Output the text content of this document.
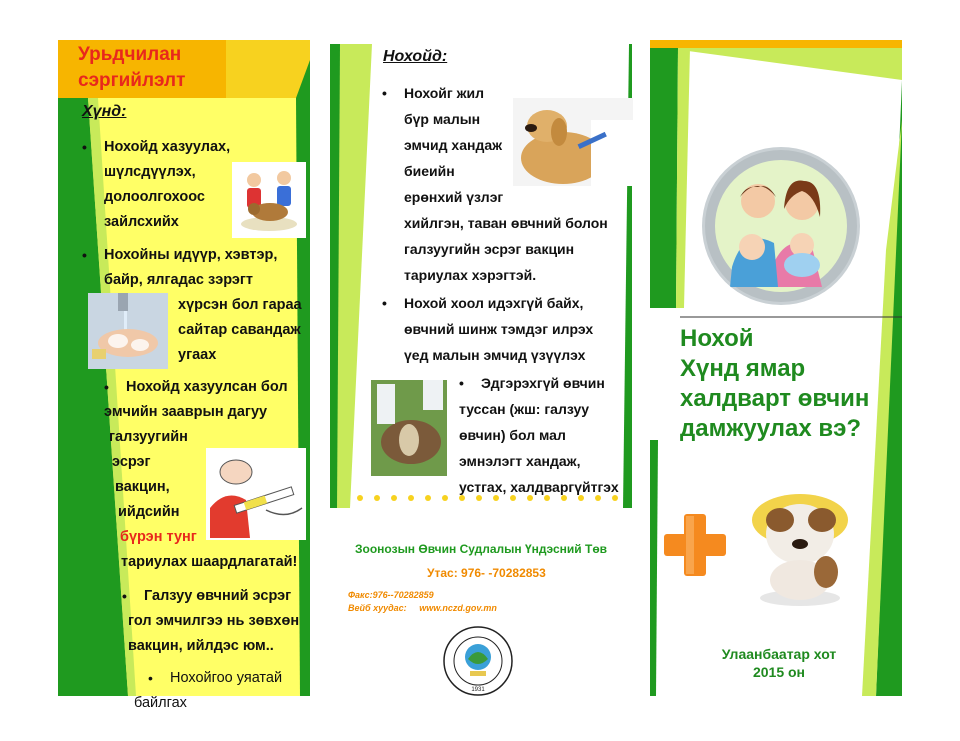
Урьдчилан
сэргийлэлт
Хүнд:
• Нохойд хазуулах,
шүлсдүүлэх,
долоолгохоос
зайлсхийх
• Нохойны идүүр, хэвтэр,
байр, ялгадас зэрэгт
хүрсэн бол гараа
сайтар савандаж
угаах
• Нохойд хазуулсан бол
эмчийн зааврын дагуу
галзуугийн
эсрэг
вакцин,
ийдсийн
бүрэн тунг
тариулах шаардлагатай!
• Галзуу өвчний эсрэг
гол эмчилгээ нь зөвхөн
вакцин, ийлдэс юм..
• Нохойгоо уяатай
байлгах
Нохойд:
• Нохойг жил
бүр малын
эмчид хандаж
биеийн
ерөнхий үзлэг
хийлгэн, таван өвчний болон
галзуугийн эсрэг вакцин
тариулах хэрэгтэй.
• Нохой хоол идэхгүй байх,
өвчний шинж тэмдэг илрэх
үед малын эмчид үзүүлэх
• Эдгэрэхгүй өвчин
туссан (жш: галзуу
өвчин) бол мал
эмнэлэгт хандаж,
устгах, халдваргүйтгэх
Зоонозын Өвчин Судлалын Үндэсний Төв
Утас: 976- -70282853
Факс:976--70282859
Вейб хуудас: www.nczd.gov.mn
1931
Нохой
Хүнд ямар
халдварт өвчин
дамжуулах вэ?
Улаанбаатар хот
2015 он
